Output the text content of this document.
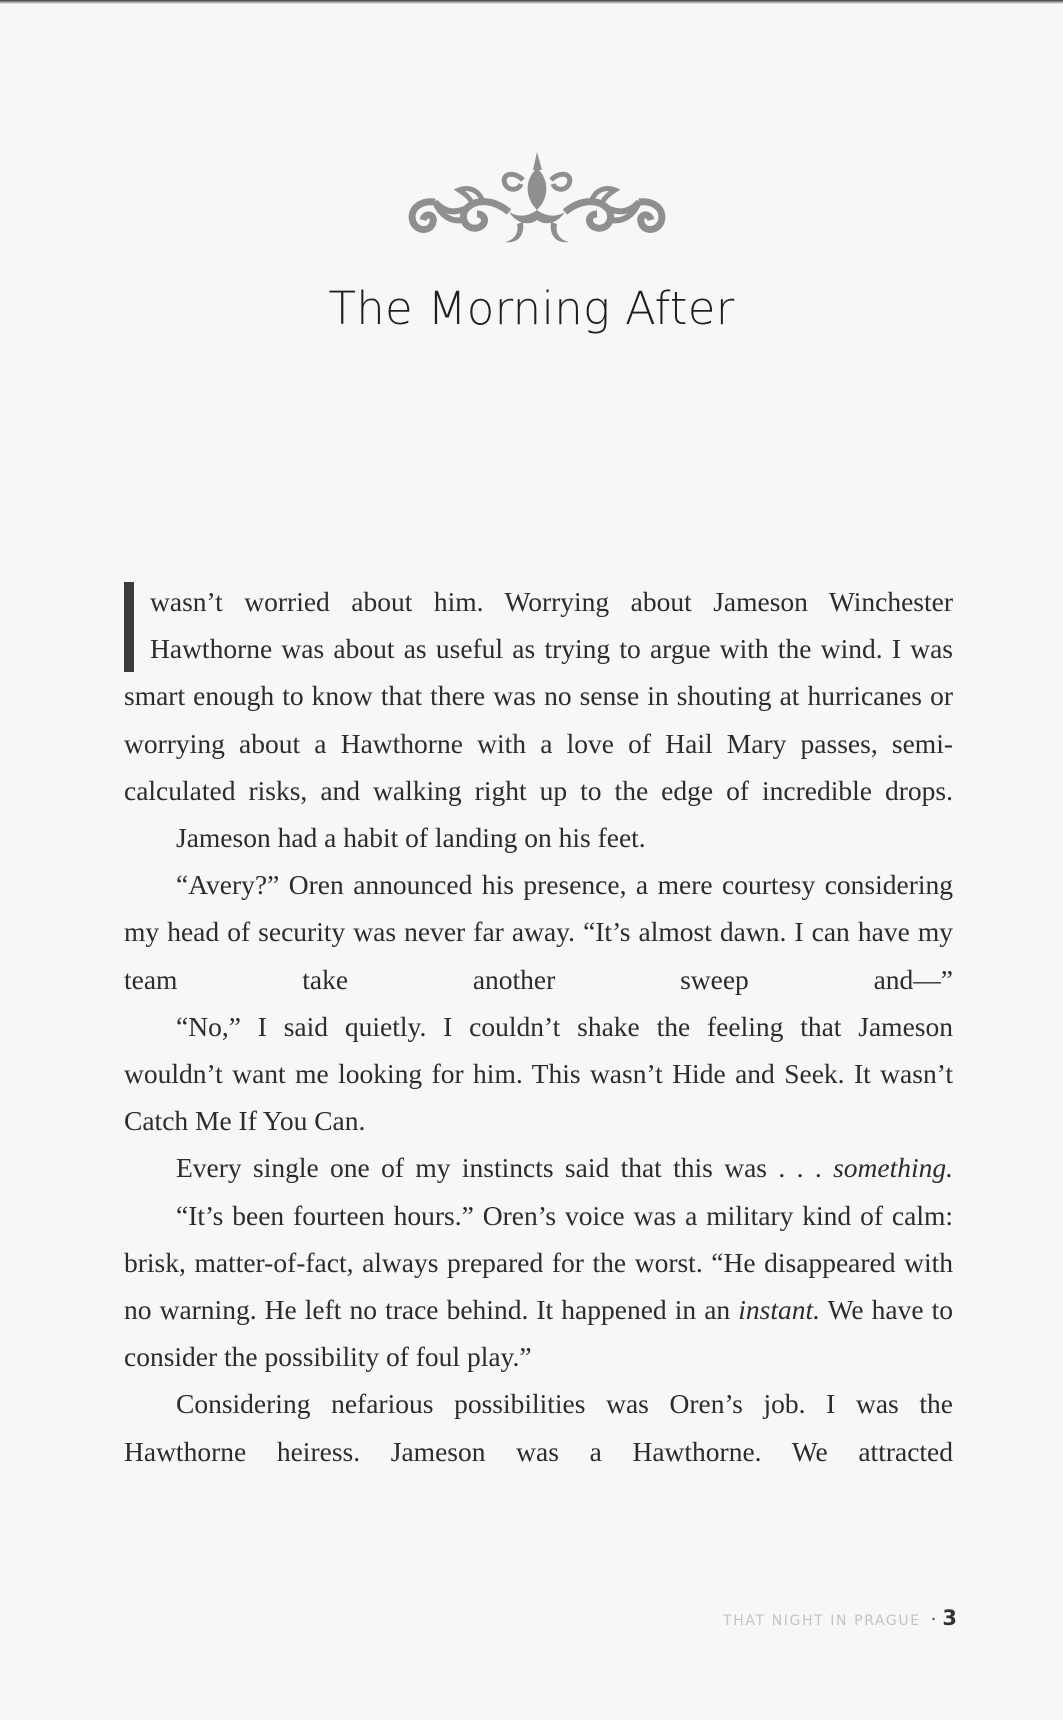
The Morning After

wasn’t worried about him. Worrying about Jameson Winchester Hawthorne was about as useful as trying to argue with the wind. I was smart enough to know that there was no sense in shouting at hurricanes or worrying about a Hawthorne with a love of Hail Mary passes, semi-calculated risks, and walking right up to the edge of incredible drops.

Jameson had a habit of landing on his feet.

“Avery?” Oren announced his presence, a mere courtesy considering my head of security was never far away. “It’s almost dawn. I can have my team take another sweep and—”

“No,” I said quietly. I couldn’t shake the feeling that Jameson wouldn’t want me looking for him. This wasn’t Hide and Seek. It wasn’t Catch Me If You Can.

Every single one of my instincts said that this was . . . something.

“It’s been fourteen hours.” Oren’s voice was a military kind of calm: brisk, matter-of-fact, always prepared for the worst. “He disappeared with no warning. He left no trace behind. It happened in an instant. We have to consider the possibility of foul play.”

Considering nefarious possibilities was Oren’s job. I was the Hawthorne heiress. Jameson was a Hawthorne. We attracted

THAT NIGHT IN PRAGUE · 3
